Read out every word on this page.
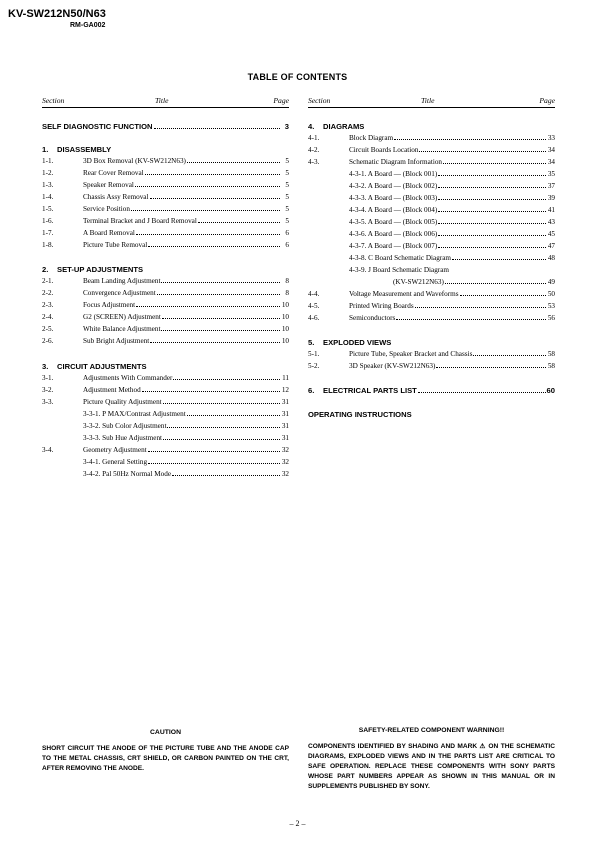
KV-SW212N50/N63
RM-GA002
TABLE OF CONTENTS
Section	Title	Page
SELF DIAGNOSTIC FUNCTION	3
1.	DISASSEMBLY
1-1.	3D Box Removal (KV-SW212N63)	5
1-2.	Rear Cover Removal	5
1-3.	Speaker Removal	5
1-4.	Chassis Assy Removal	5
1-5.	Service Position	5
1-6.	Terminal Bracket and J Board Removal	5
1-7.	A Board Removal	6
1-8.	Picture Tube Removal	6
2.	SET-UP ADJUSTMENTS
2-1.	Beam Landing Adjustment	8
2-2.	Convergence Adjustment	8
2-3.	Focus Adjustment	10
2-4.	G2 (SCREEN) Adjustment	10
2-5.	White Balance Adjustment	10
2-6.	Sub Bright Adjustment	10
3.	CIRCUIT ADJUSTMENTS
3-1.	Adjustments With Commander	11
3-2.	Adjustment Method	12
3-3.	Picture Quality Adjustment	31
3-3-1. P MAX/Contrast Adjustment	31
3-3-2. Sub Color Adjustment	31
3-3-3. Sub Hue Adjustment	31
3-4.	Geometry Adjustment	32
3-4-1. General Setting	32
3-4-2. Pal 50Hz Normal Mode	32
Section	Title	Page
4.	DIAGRAMS
4-1.	Block Diagram	33
4-2.	Circuit Boards Location	34
4-3.	Schematic Diagram Information	34
4-3-1. A Board — (Block 001)	35
4-3-2. A Board — (Block 002)	37
4-3-3. A Board — (Block 003)	39
4-3-4. A Board — (Block 004)	41
4-3-5. A Board — (Block 005)	43
4-3-6. A Board — (Block 006)	45
4-3-7. A Board — (Block 007)	47
4-3-8. C Board Schematic Diagram	48
4-3-9. J Board Schematic Diagram
(KV-SW212N63)	49
4-4.	Voltage Measurement and Waveforms	50
4-5.	Printed Wiring Boards	53
4-6.	Semiconductors	56
5.	EXPLODED VIEWS
5-1.	Picture Tube, Speaker Bracket and Chassis	58
5-2.	3D Speaker (KV-SW212N63)	58
6.	ELECTRICAL PARTS LIST	60
OPERATING INSTRUCTIONS
CAUTION

SHORT CIRCUIT THE ANODE OF THE PICTURE TUBE AND THE ANODE CAP TO THE METAL CHASSIS, CRT SHIELD, OR CARBON PAINTED ON THE CRT, AFTER REMOVING THE ANODE.

SAFETY-RELATED COMPONENT WARNING!!

COMPONENTS IDENTIFIED BY SHADING AND MARK ⚠ ON THE SCHEMATIC DIAGRAMS, EXPLODED VIEWS AND IN THE PARTS LIST ARE CRITICAL TO SAFE OPERATION. REPLACE THESE COMPONENTS WITH SONY PARTS WHOSE PART NUMBERS APPEAR AS SHOWN IN THIS MANUAL OR IN SUPPLEMENTS PUBLISHED BY SONY.

– 2 –
